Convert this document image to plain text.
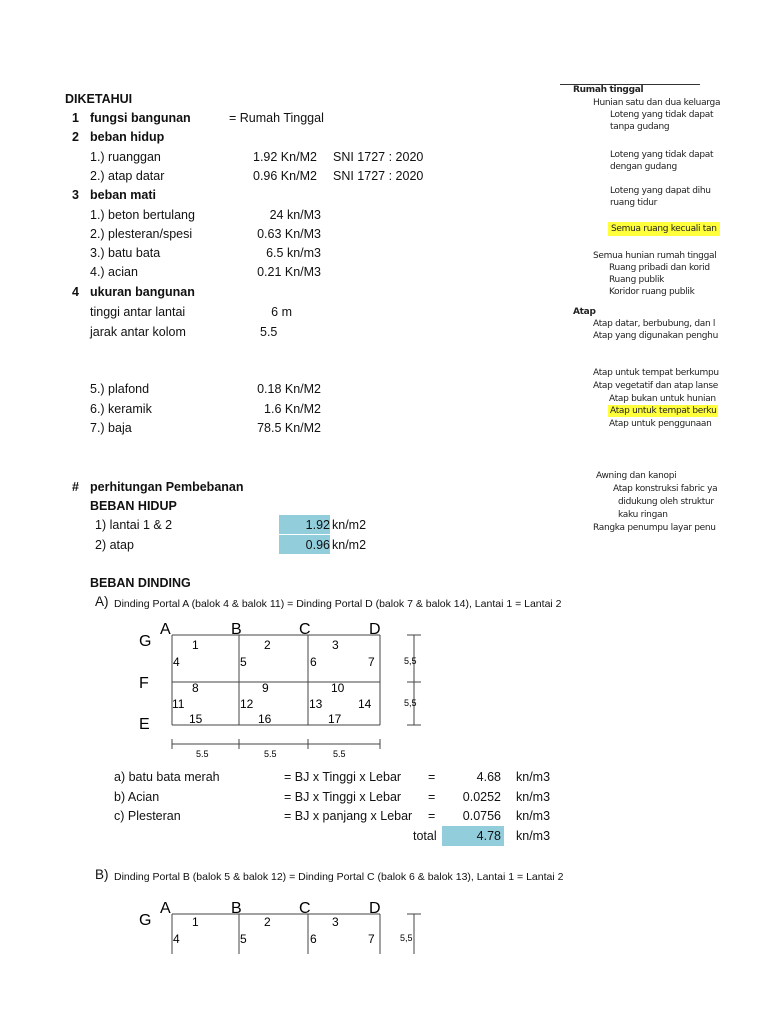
DIKETAHUI
1 fungsi bangunan	= Rumah Tinggal
2 beban hidup
1.) ruanggan	1.92 Kn/M2 SNI 1727 : 2020
2.) atap datar	0.96 Kn/M2 SNI 1727 : 2020
3 beban mati
1.) beton bertulang	24 kn/M3
2.) plesteran/spesi	0.63 Kn/M3
3.) batu bata	6.5 kn/m3
4.) acian	0.21 Kn/M3
4 ukuran bangunan
tinggi antar lantai	6 m
jarak antar kolom	5.5
5.) plafond	0.18 Kn/M2
6.) keramik	1.6 Kn/M2
7.) baja	78.5 Kn/M2
# perhitungan Pembebanan
BEBAN HIDUP
1) lantai 1 & 2	1.92 kn/m2
2) atap	0.96 kn/m2
BEBAN DINDING
A) Dinding Portal A (balok 4 & balok 11) = Dinding Portal D (balok 7 & balok 14), Lantai 1 = Lantai 2
A	B	C	D
G
F
E
1	2	3
4	5	6	7
8	9	10
11	12	13	14
15	16	17
5.5	5.5	5.5
5,5
5,5
a) batu bata merah	= BJ x Tinggi x Lebar =	4.68 kn/m3
b) Acian	= BJ x Tinggi x Lebar =	0.0252 kn/m3
c) Plesteran	= BJ x panjang x Lebar =	0.0756 kn/m3
total	4.78 kn/m3
B) Dinding Portal B (balok 5 & balok 12) = Dinding Portal C (balok 6 & balok 13), Lantai 1 = Lantai 2
A	B	C	D
G	1	2	3
4	5	6	7	5,5
Rumah tinggal
Hunian satu dan dua keluarga
Loteng yang tidak dapat
tanpa gudang
Loteng yang tidak dapat
dengan gudang
Loteng yang dapat dihu
ruang tidur
Semua ruang kecuali tan
Semua hunian rumah tinggal
Ruang pribadi dan korid
Ruang publik
Koridor ruang publik
Atap
Atap datar, berbubung, dan l
Atap yang digunakan penghu
Atap untuk tempat berkumpu
Atap vegetatif dan atap lanse
Atap bukan untuk hunian
Atap untuk tempat berku
Atap untuk penggunaan
Awning dan kanopi
Atap konstruksi fabric ya
didukung oleh struktur
kaku ringan
Rangka penumpu layar penu
